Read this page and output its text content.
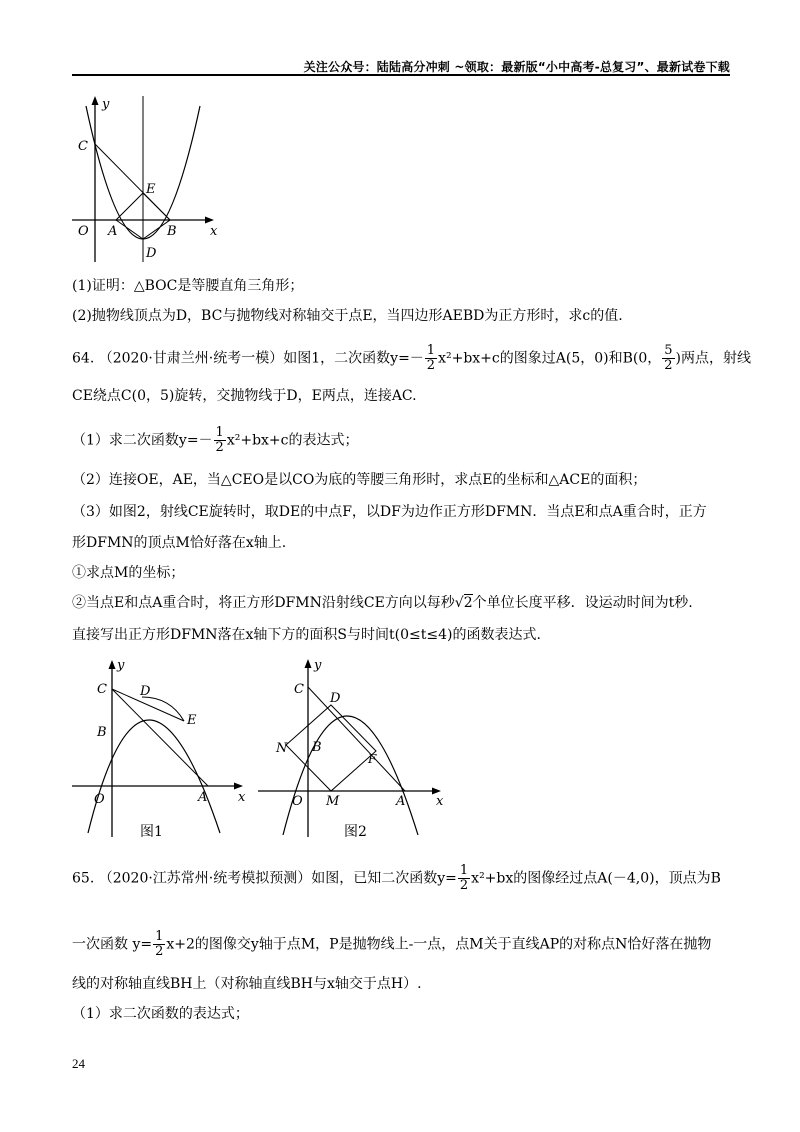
关注公众号：陆陆高分冲刺 ~领取：最新版“小中高考-总复习”、最新试卷下载
y
x
O
C
E
A	B
D
(1)证明：△BOC是等腰直角三角形；
(2)抛物线顶点为D，BC与抛物线对称轴交于点E，当四边形AEBD为正方形时，求c的值.
64. （2020·甘肃兰州·统考一模）如图1，二次函数$y=- \frac{1}{2} x^2+bx+c$的图象过A(5，0)和B(0， $\frac{5}{2}$ )两点，射线
CE绕点C(0，5)旋转，交抛物线于D，E两点，连接AC.
（1）求二次函数$y=- \frac{1}{2} x^2+bx+c$的表达式；
（2）连接OE，AE，当△CEO是以CO为底的等腰三角形时，求点E的坐标和△ACE的面积；
（3）如图2，射线CE旋转时，取DE的中点F，以DF为边作正方形DFMN．当点E和点A重合时，正方
形DFMN的顶点M恰好落在x轴上.
①求点M的坐标；
②当点E和点A重合时，将正方形DFMN沿射线CE方向以每秒√2个单位长度平移．设运动时间为t秒.
直接写出正方形DFMN落在x轴下方的面积S与时间t(0≤t≤4)的函数表达式.
y
x
O
C
B
D
E
A
图1
y
x
O
C
D
N B
F
M	A
图2
65. （2020·江苏常州·统考模拟预测）如图，已知二次函数$y= \frac{1}{2} x^2+bx$的图像经过点A(－4,0)，顶点为B
一次函数 $y= \frac{1}{2} x+2$的图像交y轴于点M，P是抛物线上-一点，点M关于直线AP的对称点N恰好落在抛物
线的对称轴直线BH上（对称轴直线BH与x轴交于点H）.
（1）求二次函数的表达式；
24
